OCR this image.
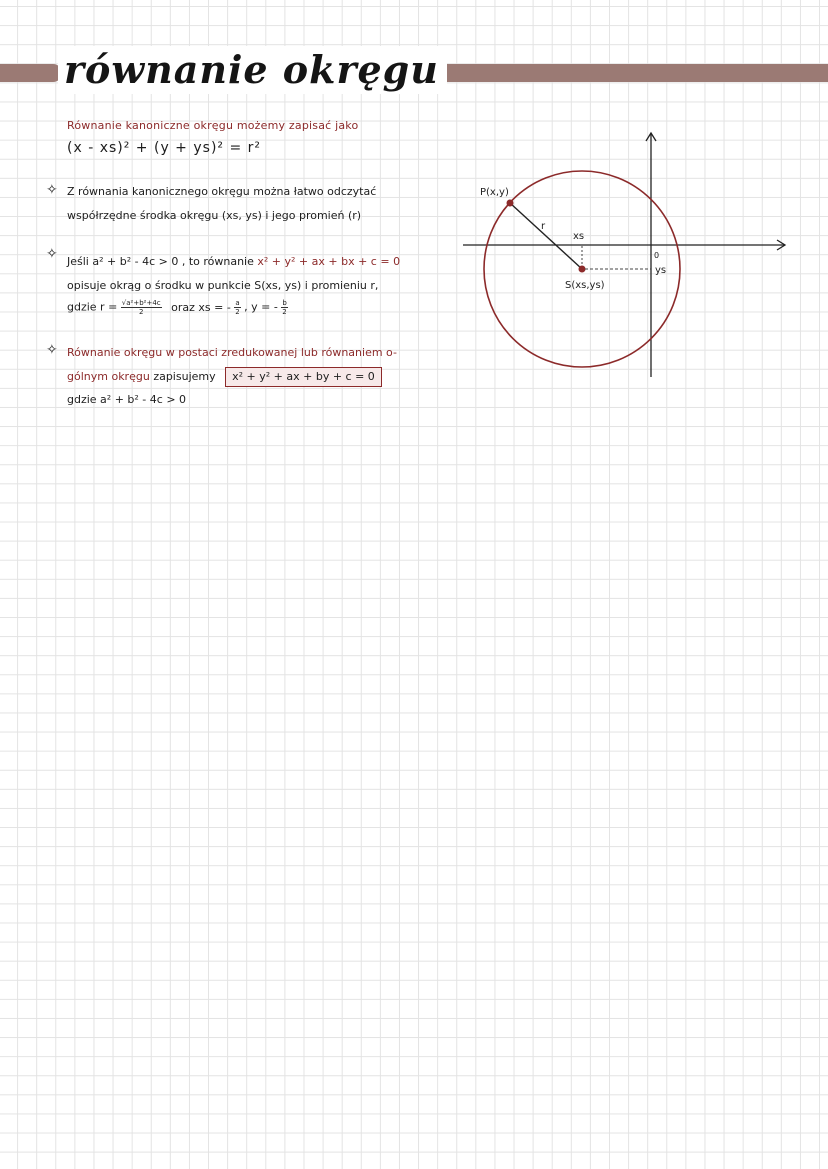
równanie okręgu
Równanie kanoniczne okręgu możemy zapisać jako
(x - xs)² + (y + ys)² = r²
✧ Z równania kanonicznego okręgu można łatwo odczytać
współrzędne środka okręgu (xs, ys) i jego promień (r)
✧ Jeśli a² + b² - 4c > 0 , to równanie x² + y² + ax + bx + c = 0
opisuje okrąg o środku w punkcie S(xs, ys) i promieniu r,
gdzie $r = \frac{\text{√a²+b²+4c}}{2}$ oraz xs = - $\frac{a}{2}$ , y = - $\frac{b}{2}$
✧ Równanie okręgu w postaci zredukowanej lub równaniem o-
gólnym okręgu zapisujemy x² + y² + ax + by + c = 0
gdzie a² + b² - 4c > 0
P(x,y)
r
xs
S(xs,ys)
0
ys
